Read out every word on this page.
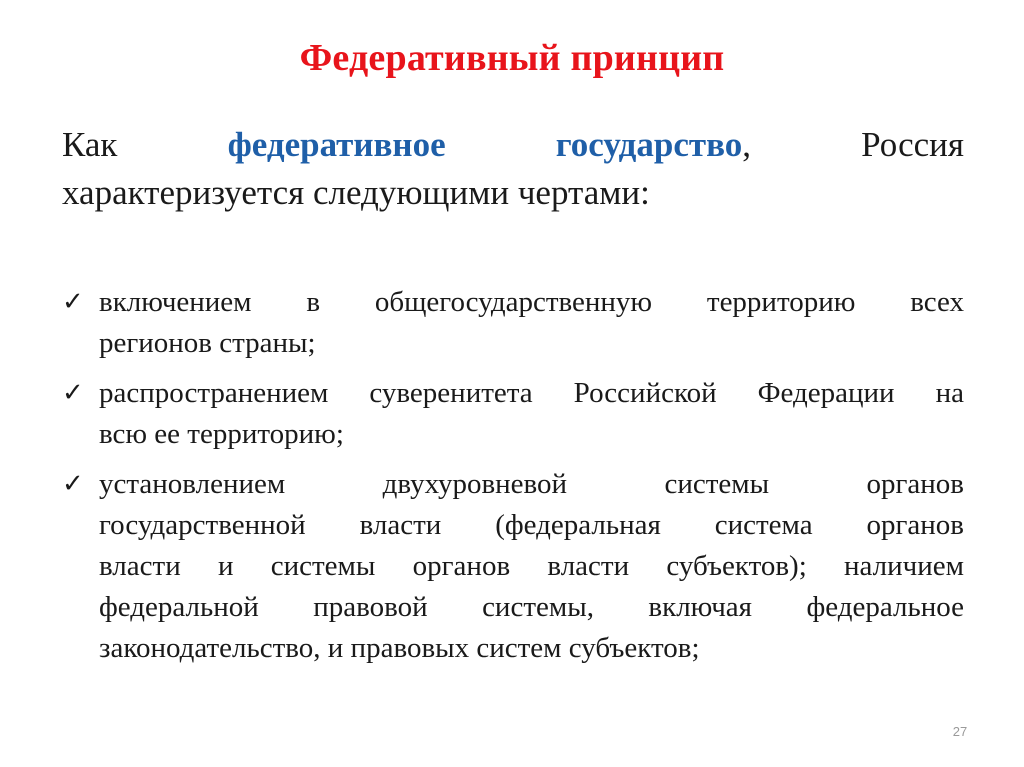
Федеративный принцип
Как	федеративное	государство,	Россия
характеризуется следующими чертами:
✓ включением в общегосударственную территорию всех
регионов страны;
✓ распространением суверенитета Российской Федерации на
всю ее территорию;
✓ установлением	двухуровневой	системы	органов
государственной власти (федеральная система органов
власти и системы органов власти субъектов); наличием
федеральной правовой системы, включая федеральное
законодательство, и правовых систем субъектов;
27
